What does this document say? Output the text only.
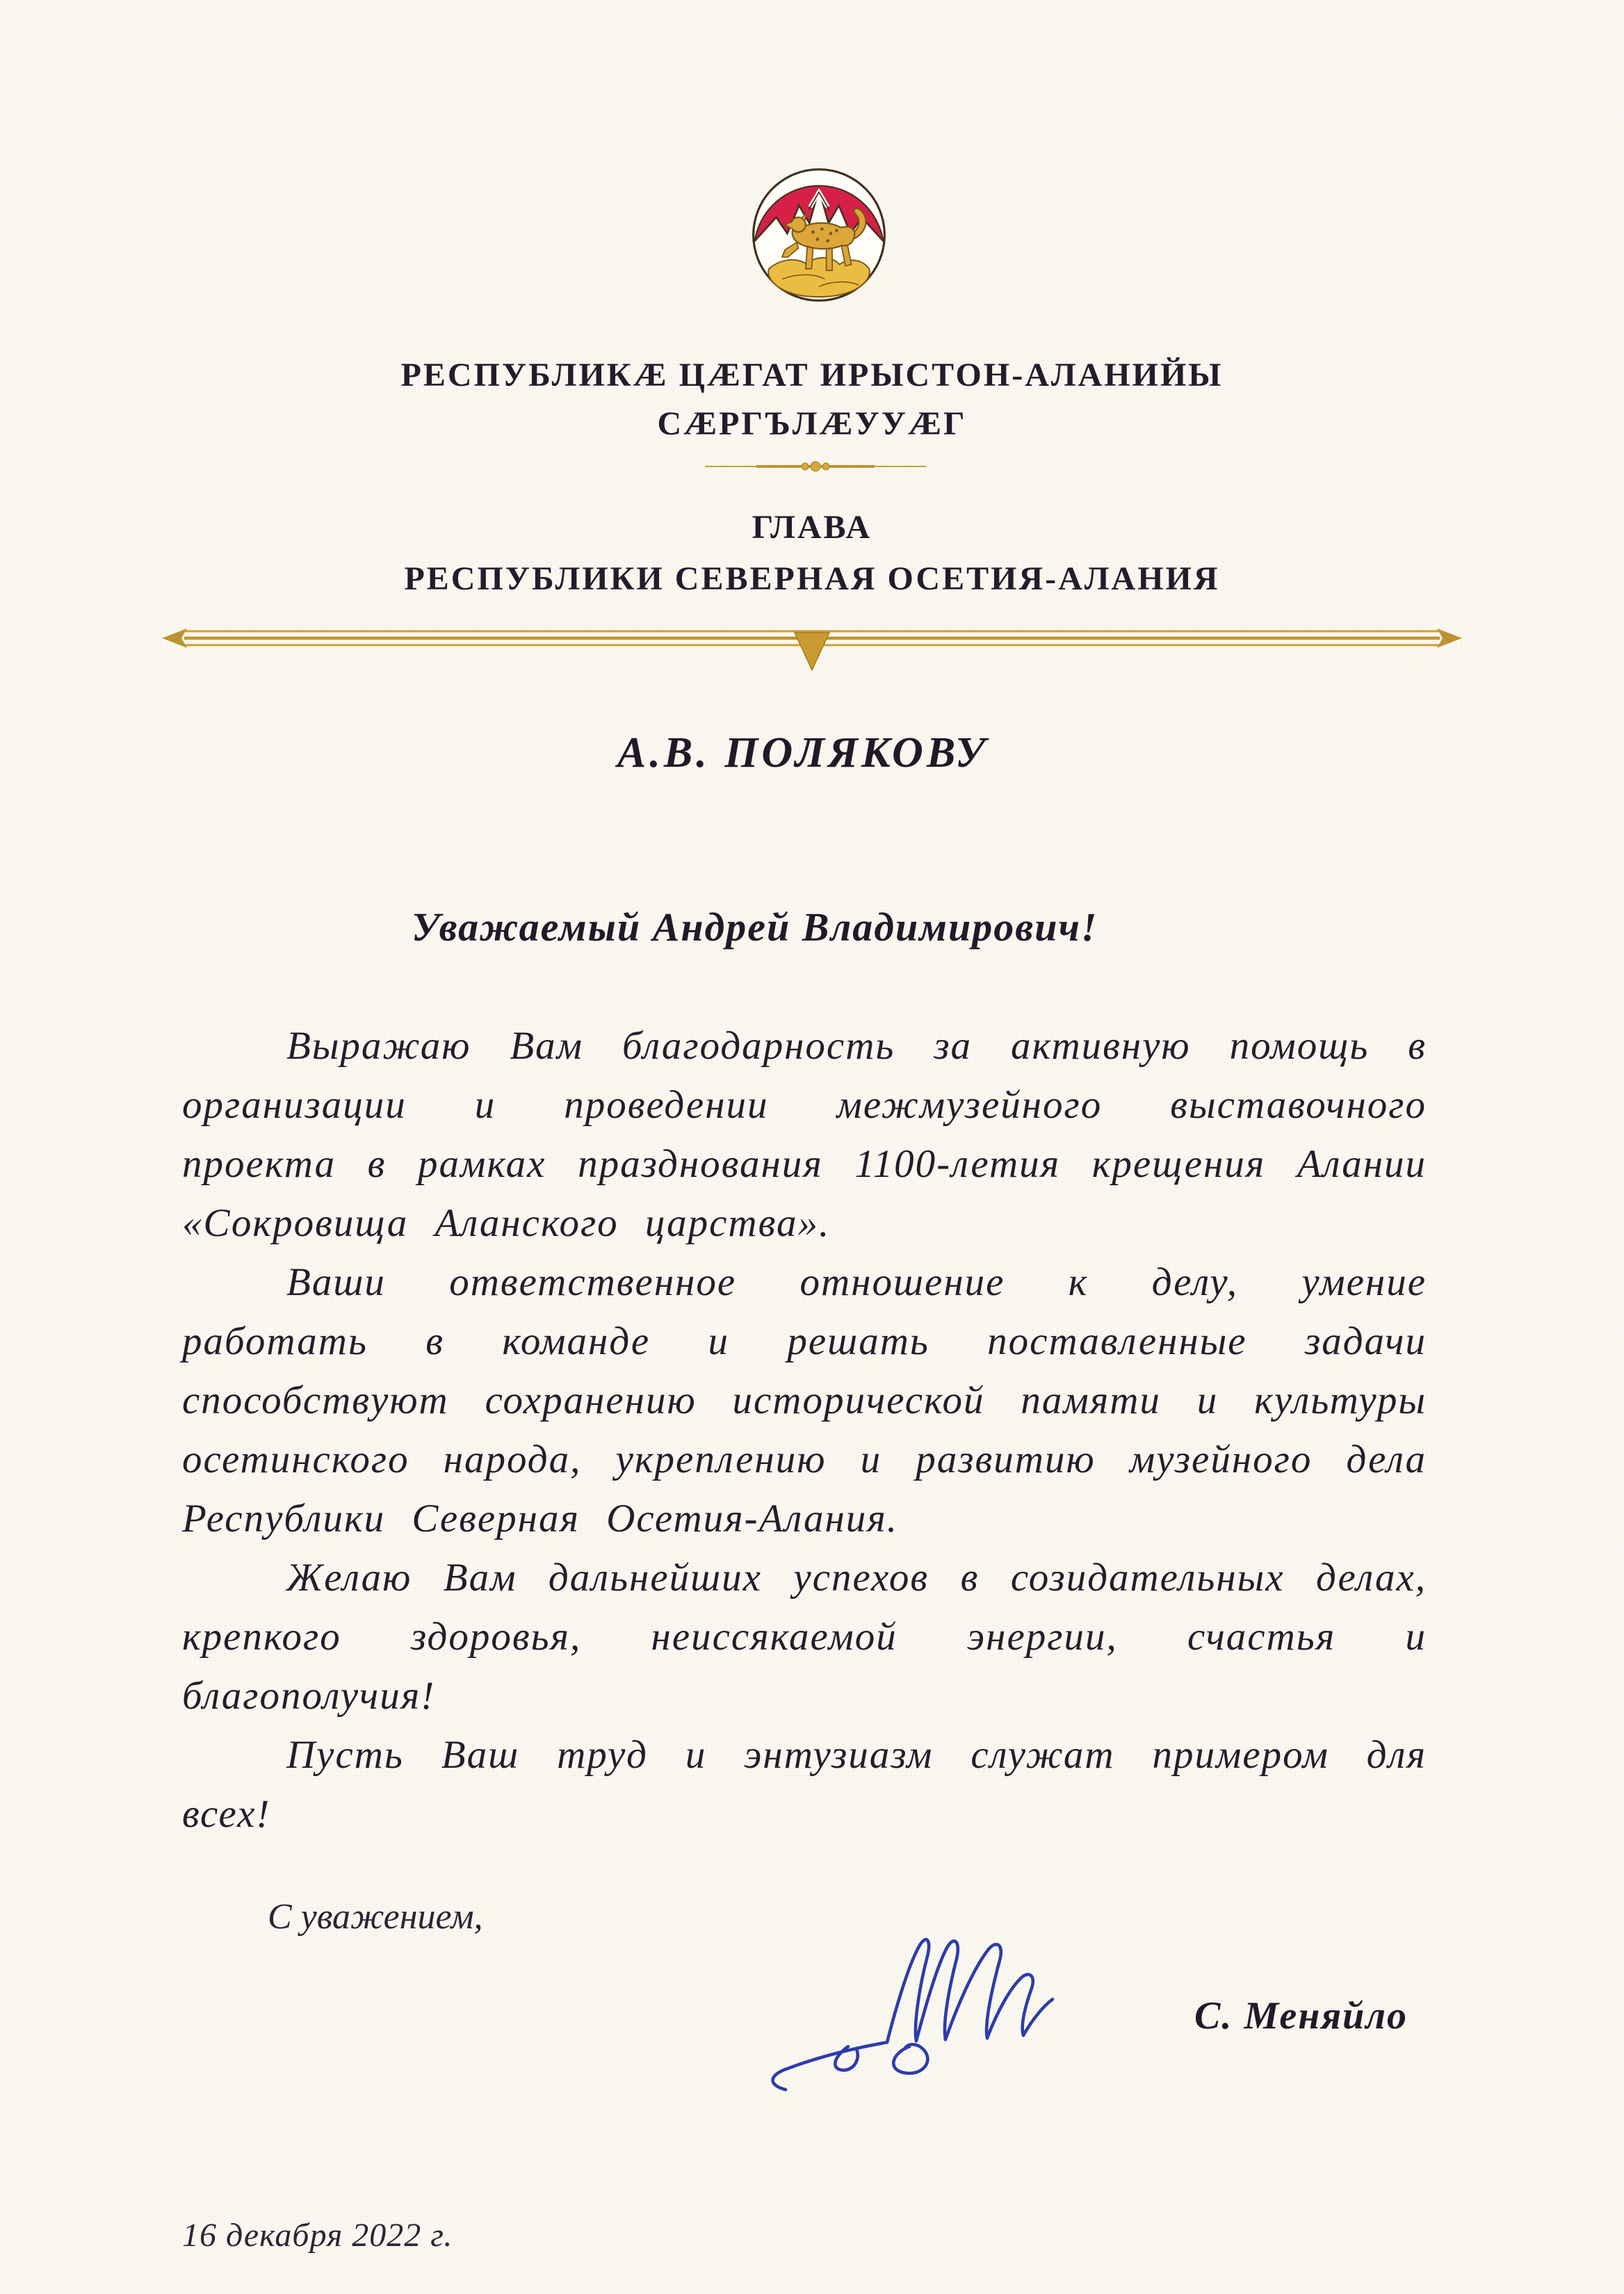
РЕСПУБЛИКÆ ЦÆГАТ ИРЫСТОН-АЛАНИЙЫ
СÆРГЪЛÆУУÆГ
ГЛАВА
РЕСПУБЛИКИ СЕВЕРНАЯ ОСЕТИЯ-АЛАНИЯ
А.В. ПОЛЯКОВУ
Уважаемый Андрей Владимирович!

Выражаю Вам благодарность за активную помощь в организации и проведении межмузейного выставочного проекта в рамках празднования 1100-летия крещения Алании «Сокровища Аланского царства».

Ваши ответственное отношение к делу, умение работать в команде и решать поставленные задачи способствуют сохранению исторической памяти и культуры осетинского народа, укреплению и развитию музейного дела Республики Северная Осетия-Алания.

Желаю Вам дальнейших успехов в созидательных делах, крепкого здоровья, неиссякаемой энергии, счастья и благополучия!

Пусть Ваш труд и энтузиазм служат примером для всех!

С уважением,
С. Меняйло
16 декабря 2022 г.
